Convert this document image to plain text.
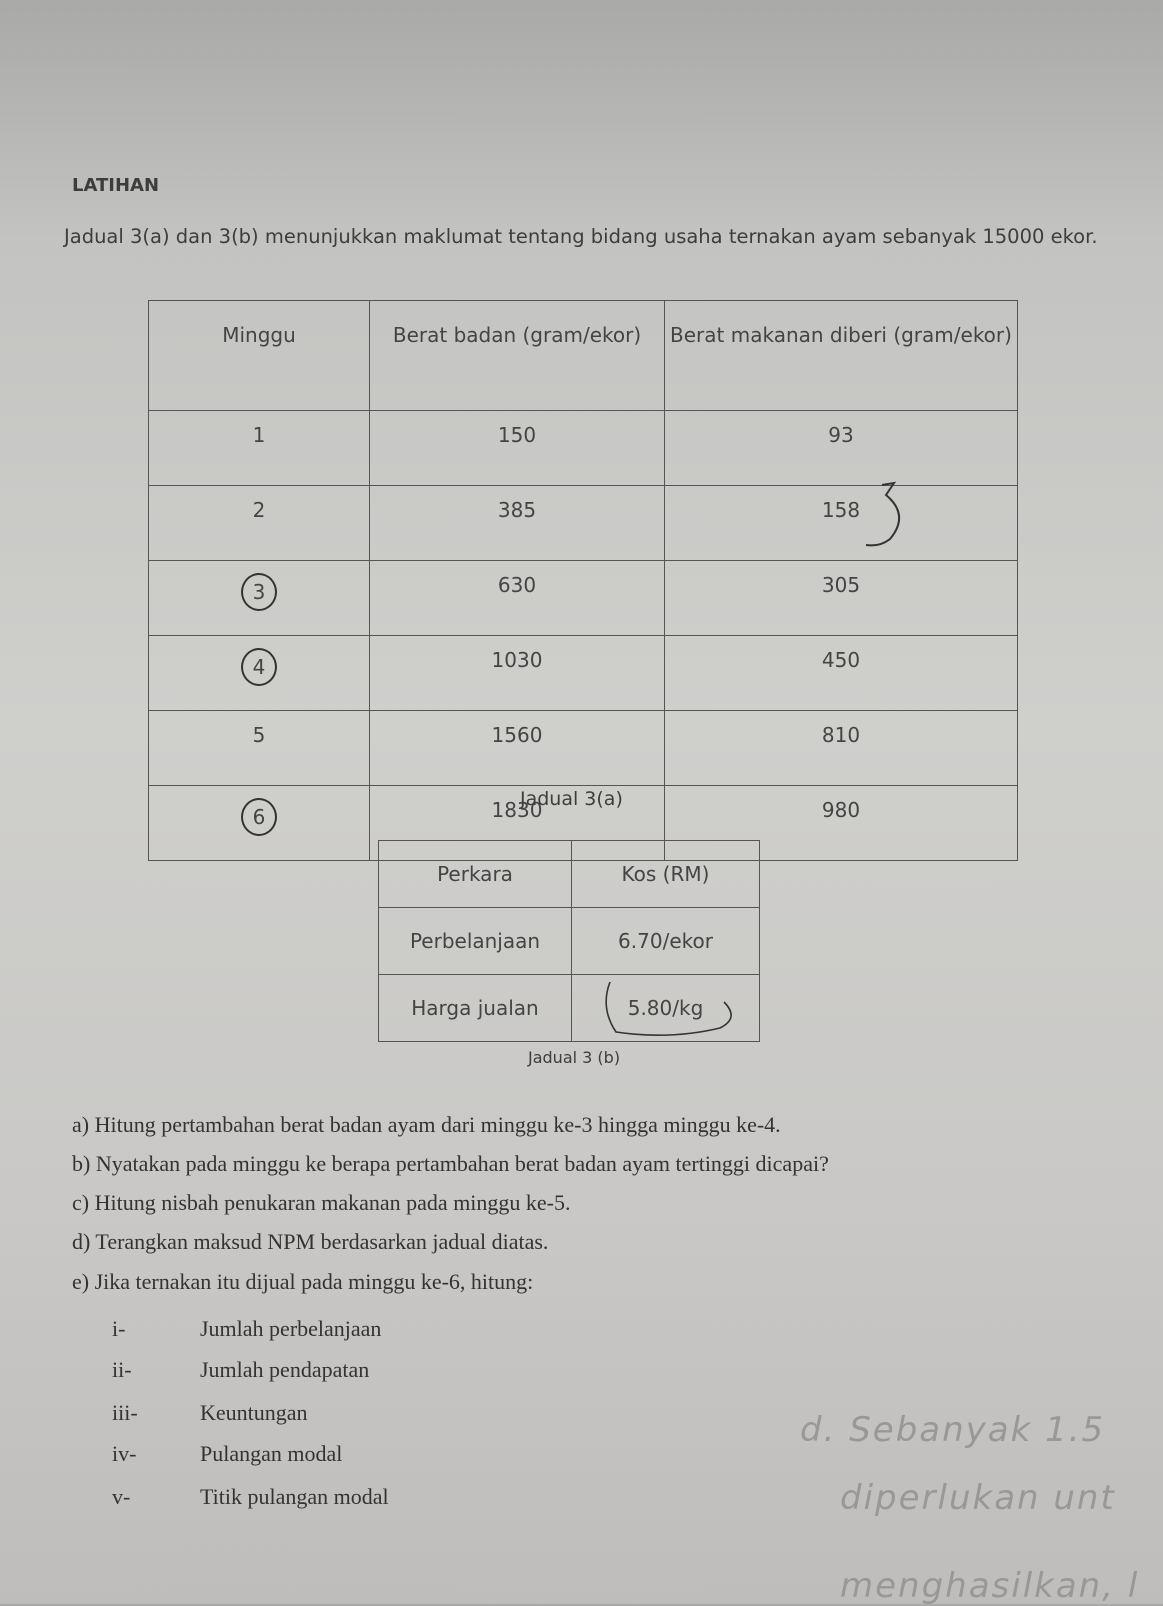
LATIHAN
Jadual 3(a) dan 3(b) menunjukkan maklumat tentang bidang usaha ternakan ayam sebanyak 15000 ekor.
Minggu	Berat badan (gram/ekor)	Berat makanan diberi (gram/ekor)
1	150	93
2	385	158
3	630	305
4	1030	450
5	1560	810
6	1830	980
Jadual 3(a)
Perkara	Kos (RM)
Perbelanjaan	6.70/ekor
Harga jualan	5.80/kg
Jadual 3 (b)
a) Hitung pertambahan berat badan ayam dari minggu ke-3 hingga minggu ke-4.
b) Nyatakan pada minggu ke berapa pertambahan berat badan ayam tertinggi dicapai?
c) Hitung nisbah penukaran makanan pada minggu ke-5.
d) Terangkan maksud NPM berdasarkan jadual diatas.
e) Jika ternakan itu dijual pada minggu ke-6, hitung:
i-	Jumlah perbelanjaan
ii-	Jumlah pendapatan
iii-	Keuntungan
iv-	Pulangan modal
v-	Titik pulangan modal
d. Sebanyak 1.5
diperlukan unt
menghasilkan, l
